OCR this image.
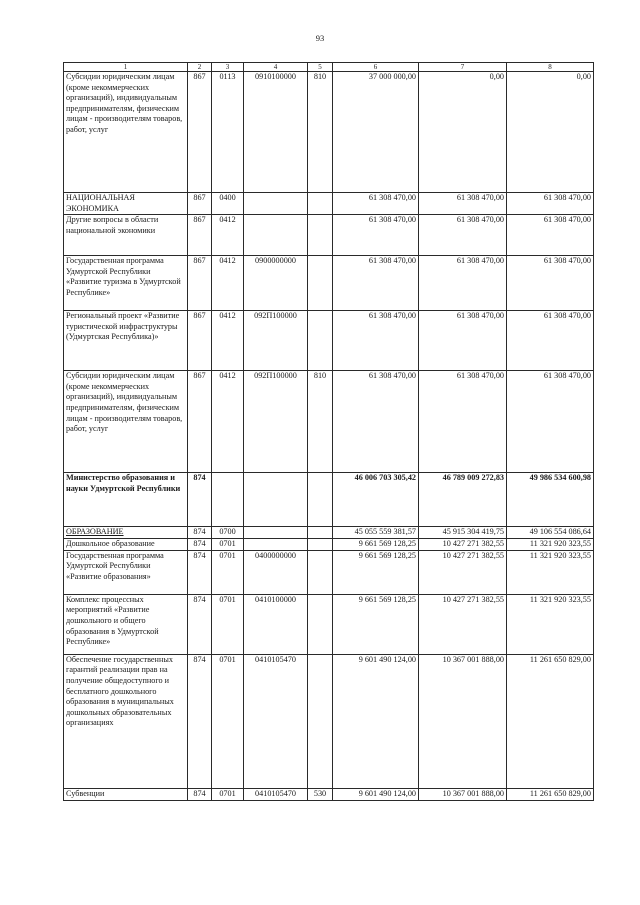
93
1	2	3	4	5	6	7	8
Субсидии юридическим лицам (кроме некоммерческих организаций), индивидуальным предпринимателям, физическим лицам - производителям товаров, работ, услуг	867	0113	0910100000	810	37 000 000,00	0,00	0,00
НАЦИОНАЛЬНАЯ ЭКОНОМИКА	867	0400			61 308 470,00	61 308 470,00	61 308 470,00
Другие вопросы в области национальной экономики	867	0412			61 308 470,00	61 308 470,00	61 308 470,00
Государственная программа Удмуртской Республики «Развитие туризма в Удмуртской Республике»	867	0412	0900000000		61 308 470,00	61 308 470,00	61 308 470,00
Региональный проект «Развитие туристической инфраструктуры (Удмуртская Республика)»	867	0412	092П100000		61 308 470,00	61 308 470,00	61 308 470,00
Субсидии юридическим лицам (кроме некоммерческих организаций), индивидуальным предпринимателям, физическим лицам - производителям товаров, работ, услуг	867	0412	092П100000	810	61 308 470,00	61 308 470,00	61 308 470,00
Министерство образования и науки Удмуртской Республики	874				46 006 703 305,42	46 789 009 272,83	49 986 534 600,98
ОБРАЗОВАНИЕ	874	0700			45 055 559 381,57	45 915 304 419,75	49 106 554 086,64
Дошкольное образование	874	0701			9 661 569 128,25	10 427 271 382,55	11 321 920 323,55
Государственная программа Удмуртской Республики «Развитие образования»	874	0701	0400000000		9 661 569 128,25	10 427 271 382,55	11 321 920 323,55
Комплекс процессных мероприятий «Развитие дошкольного и общего образования в Удмуртской Республике»	874	0701	0410100000		9 661 569 128,25	10 427 271 382,55	11 321 920 323,55
Обеспечение государственных гарантий реализации прав на получение общедоступного и бесплатного дошкольного образования в муниципальных дошкольных образовательных организациях	874	0701	0410105470		9 601 490 124,00	10 367 001 888,00	11 261 650 829,00
Субвенции	874	0701	0410105470	530	9 601 490 124,00	10 367 001 888,00	11 261 650 829,00
